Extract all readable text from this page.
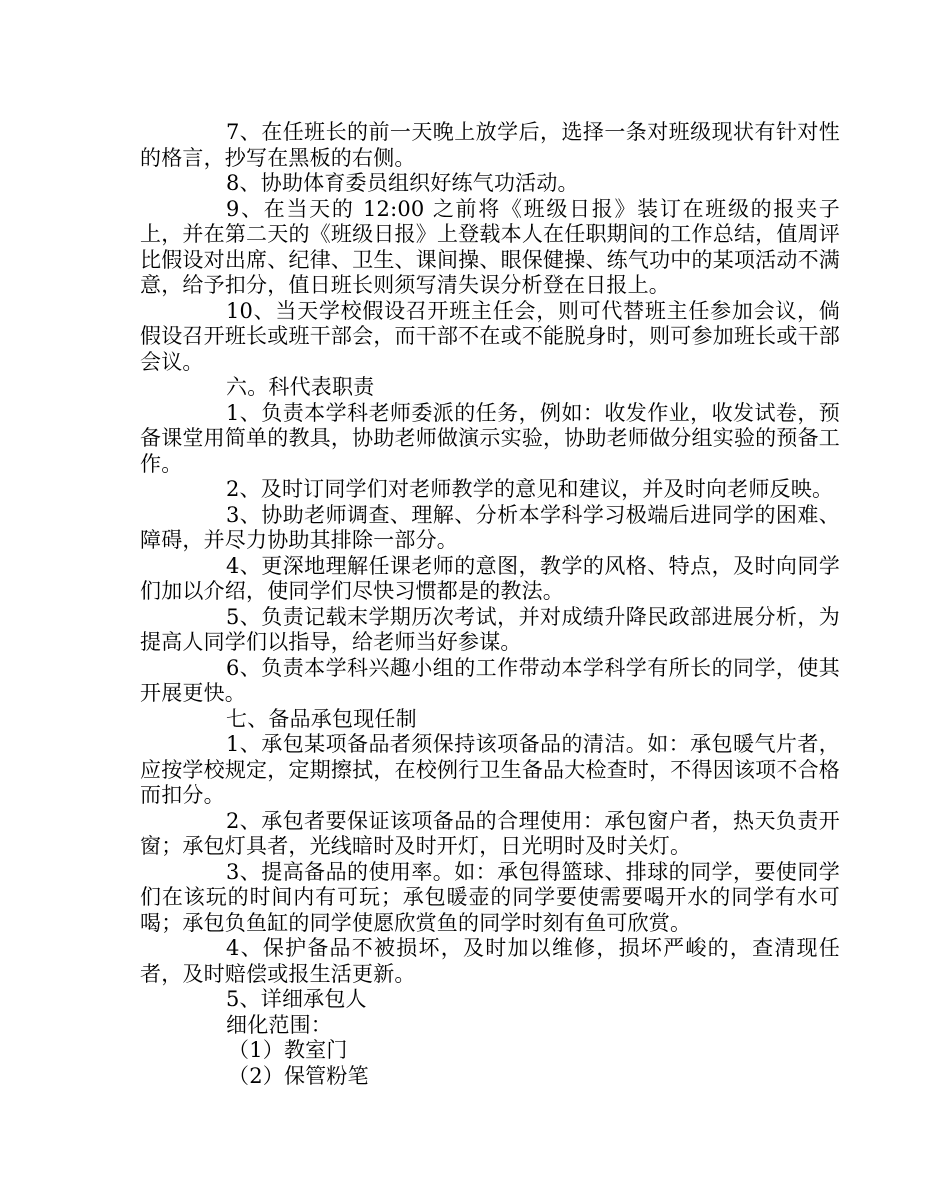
7、在任班长的前一天晚上放学后，选择一条对班级现状有针对性的格言，抄写在黑板的右侧。

8、协助体育委员组织好练气功活动。

9、在当天的 12:00 之前将《班级日报》装订在班级的报夹子上，并在第二天的《班级日报》上登载本人在任职期间的工作总结，值周评比假设对出席、纪律、卫生、课间操、眼保健操、练气功中的某项活动不满意，给予扣分，值日班长则须写清失误分析登在日报上。

10、当天学校假设召开班主任会，则可代替班主任参加会议，倘假设召开班长或班干部会，而干部不在或不能脱身时，则可参加班长或干部会议。

六。科代表职责

1、负责本学科老师委派的任务，例如：收发作业，收发试卷，预备课堂用简单的教具，协助老师做演示实验，协助老师做分组实验的预备工作。

2、及时订同学们对老师教学的意见和建议，并及时向老师反映。

3、协助老师调查、理解、分析本学科学习极端后进同学的困难、障碍，并尽力协助其排除一部分。

4、更深地理解任课老师的意图，教学的风格、特点，及时向同学们加以介绍，使同学们尽快习惯都是的教法。

5、负责记载末学期历次考试，并对成绩升降民政部进展分析，为提高人同学们以指导，给老师当好参谋。

6、负责本学科兴趣小组的工作带动本学科学有所长的同学，使其开展更快。

七、备品承包现任制

1、承包某项备品者须保持该项备品的清洁。如：承包暖气片者，应按学校规定，定期擦拭，在校例行卫生备品大检查时，不得因该项不合格而扣分。

2、承包者要保证该项备品的合理使用：承包窗户者，热天负责开窗；承包灯具者，光线暗时及时开灯，日光明时及时关灯。

3、提高备品的使用率。如：承包得篮球、排球的同学，要使同学们在该玩的时间内有可玩；承包暖壶的同学要使需要喝开水的同学有水可喝；承包负鱼缸的同学使愿欣赏鱼的同学时刻有鱼可欣赏。

4、保护备品不被损坏，及时加以维修，损坏严峻的，查清现任者，及时赔偿或报生活更新。

5、详细承包人

细化范围：

（1）教室门

（2）保管粉笔
